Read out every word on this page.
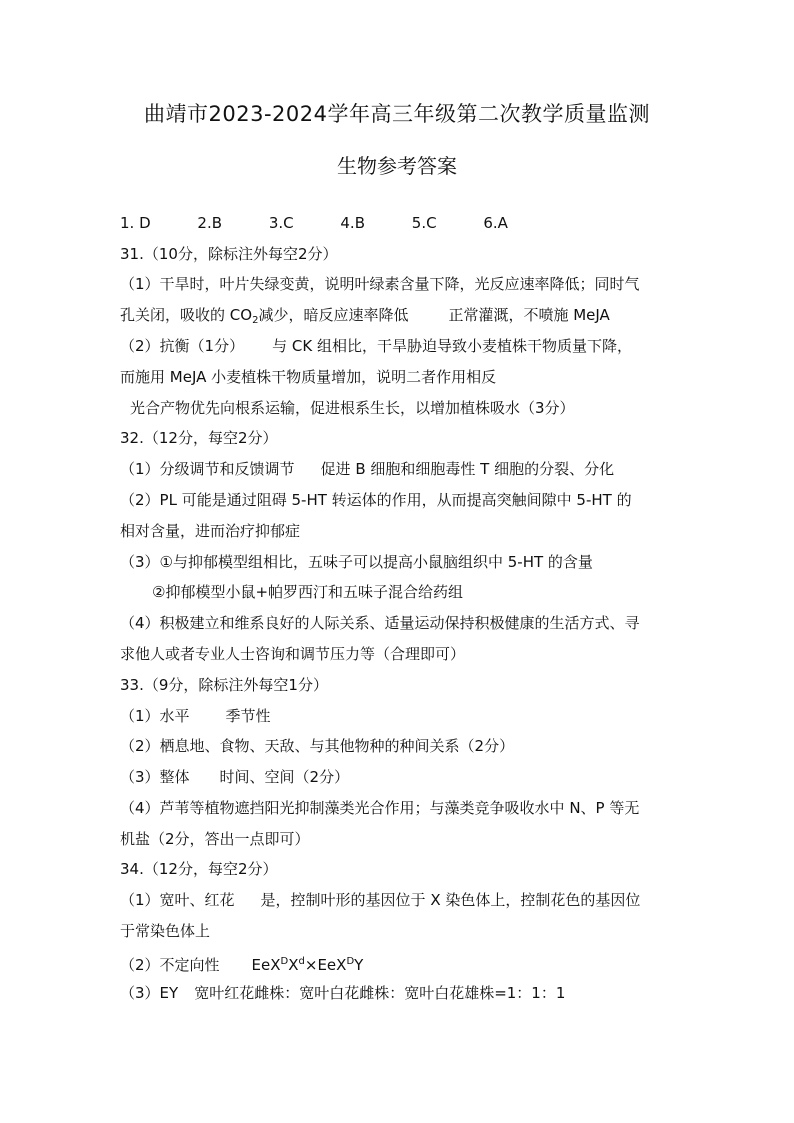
曲靖市2023-2024学年高三年级第二次教学质量监测
生物参考答案
1. D	2.B	3.C	4.B	5.C	6.A
31.（10分，除标注外每空2分）
（1）干旱时，叶片失绿变黄，说明叶绿素含量下降，光反应速率降低；同时气
孔关闭，吸收的 $CO_2$减少，暗反应速率降低	正常灌溉，不喷施 MeJA
（2）抗衡（1分） 与 CK 组相比，干旱胁迫导致小麦植株干物质量下降，
而施用 MeJA 小麦植株干物质量增加，说明二者作用相反
光合产物优先向根系运输，促进根系生长，以增加植株吸水（3分）
32.（12分，每空2分）
（1）分级调节和反馈调节 促进 B 细胞和细胞毒性 T 细胞的分裂、分化
（2）PL 可能是通过阻碍 5-HT 转运体的作用，从而提高突触间隙中 5-HT 的
相对含量，进而治疗抑郁症
（3）①与抑郁模型组相比，五味子可以提高小鼠脑组织中 5-HT 的含量
②抑郁模型小鼠+帕罗西汀和五味子混合给药组
（4）积极建立和维系良好的人际关系、适量运动保持积极健康的生活方式、寻
求他人或者专业人士咨询和调节压力等（合理即可）
33.（9分，除标注外每空1分）
（1）水平 季节性
（2）栖息地、食物、天敌、与其他物种的种间关系（2分）
（3）整体 时间、空间（2分）
（4）芦苇等植物遮挡阳光抑制藻类光合作用；与藻类竞争吸收水中 N、P 等无
机盐（2分，答出一点即可）
34.（12分，每空2分）
（1）宽叶、红花 是，控制叶形的基因位于 X 染色体上，控制花色的基因位
于常染色体上
（2）不定向性 $EeX^DX^d\times EeX^DY$
（3）EY 宽叶红花雌株：宽叶白花雌株：宽叶白花雄株=1：1：1
